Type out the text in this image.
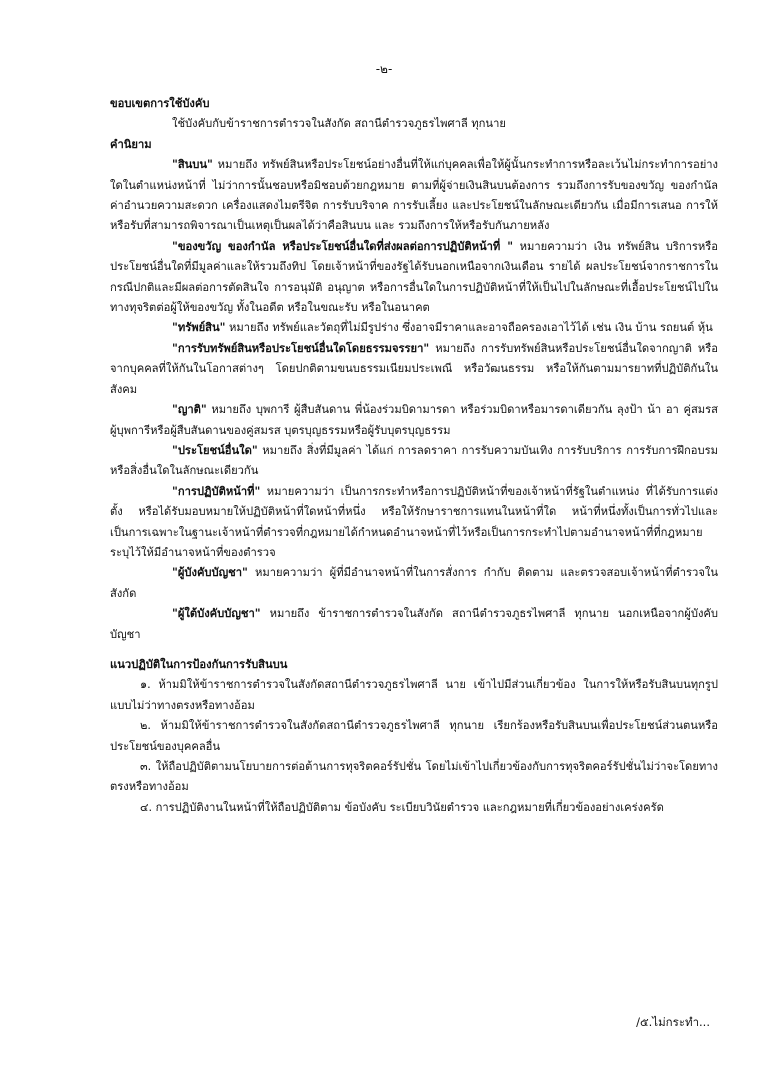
-๒-

ขอบเขตการใช้บังคับ

ใช้บังคับกับข้าราชการตำรวจในสังกัด สถานีตำรวจภูธรไพศาลี ทุกนาย

คำนิยาม

"สินบน" หมายถึง ทรัพย์สินหรือประโยชน์อย่างอื่นที่ให้แก่บุคคลเพื่อให้ผู้นั้นกระทำการหรือละเว้นไม่กระทำการอย่างใดในตำแหน่งหน้าที่ ไม่ว่าการนั้นชอบหรือมิชอบด้วยกฎหมาย ตามที่ผู้จ่ายเงินสินบนต้องการ รวมถึงการรับของขวัญ ของกำนัล ค่าอำนวยความสะดวก เครื่องแสดงไมตรีจิต การรับบริจาค การรับเลี้ยง และประโยชน์ในลักษณะเดียวกัน เมื่อมีการเสนอ การให้ หรือรับที่สามารถพิจารณาเป็นเหตุเป็นผลได้ว่าคือสินบน และ รวมถึงการให้หรือรับกันภายหลัง

"ของขวัญ ของกำนัล หรือประโยชน์อื่นใดที่ส่งผลต่อการปฏิบัติหน้าที่ " หมายความว่า เงิน ทรัพย์สิน บริการหรือประโยชน์อื่นใดที่มีมูลค่าและให้รวมถึงทิป โดยเจ้าหน้าที่ของรัฐได้รับนอกเหนือจากเงินเดือน รายได้ ผลประโยชน์จากราชการในกรณีปกติและมีผลต่อการตัดสินใจ การอนุมัติ อนุญาต หรือการอื่นใดในการปฏิบัติหน้าที่ให้เป็นไปในลักษณะที่เอื้อประโยชน์ไปในทางทุจริตต่อผู้ให้ของขวัญ ทั้งในอดีต หรือในขณะรับ หรือในอนาคต

"ทรัพย์สิน" หมายถึง ทรัพย์และวัตถุที่ไม่มีรูปร่าง ซึ่งอาจมีราคาและอาจถือครองเอาไว้ได้ เช่น เงิน บ้าน รถยนต์ หุ้น

"การรับทรัพย์สินหรือประโยชน์อื่นใดโดยธรรมจรรยา" หมายถึง การรับทรัพย์สินหรือประโยชน์อื่นใดจากญาติ หรือจากบุคคลที่ให้กันในโอกาสต่างๆ โดยปกติตามขนบธรรมเนียมประเพณี หรือวัฒนธรรม หรือให้กันตามมารยาทที่ปฏิบัติกันในสังคม

"ญาติ" หมายถึง บุพการี ผู้สืบสันดาน พี่น้องร่วมบิดามารดา หรือร่วมบิดาหรือมารดาเดียวกัน ลุงป้า น้า อา คู่สมรส ผู้บุพการีหรือผู้สืบสันดานของคู่สมรส บุตรบุญธรรมหรือผู้รับบุตรบุญธรรม

"ประโยชน์อื่นใด" หมายถึง สิ่งที่มีมูลค่า ได้แก่ การลดราคา การรับความบันเทิง การรับบริการ การรับการฝึกอบรม หรือสิ่งอื่นใดในลักษณะเดียวกัน

"การปฏิบัติหน้าที่" หมายความว่า เป็นการกระทำหรือการปฏิบัติหน้าที่ของเจ้าหน้าที่รัฐในตำแหน่ง ที่ได้รับการแต่งตั้ง หรือได้รับมอบหมายให้ปฏิบัติหน้าที่ใดหน้าที่หนึ่ง หรือให้รักษาราชการแทนในหน้าที่ใด หน้าที่หนึ่งทั้งเป็นการทั่วไปและเป็นการเฉพาะในฐานะเจ้าหน้าที่ตำรวจที่กฎหมายได้กำหนดอำนาจหน้าที่ไว้หรือเป็นการกระทำไปตามอำนาจหน้าที่ที่กฎหมายระบุไว้ให้มีอำนาจหน้าที่ของตำรวจ

"ผู้บังคับบัญชา" หมายความว่า ผู้ที่มีอำนาจหน้าที่ในการสั่งการ กำกับ ติดตาม และตรวจสอบเจ้าหน้าที่ตำรวจในสังกัด

"ผู้ใต้บังคับบัญชา" หมายถึง ข้าราชการตำรวจในสังกัด สถานีตำรวจภูธรไพศาลี ทุกนาย นอกเหนือจากผู้บังคับบัญชา

แนวปฏิบัติในการป้องกันการรับสินบน

๑. ห้ามมิให้ข้าราชการตำรวจในสังกัดสถานีตำรวจภูธรไพศาลี นาย เข้าไปมีส่วนเกี่ยวข้อง ในการให้หรือรับสินบนทุกรูปแบบไม่ว่าทางตรงหรือทางอ้อม

๒. ห้ามมิให้ข้าราชการตำรวจในสังกัดสถานีตำรวจภูธรไพศาลี ทุกนาย เรียกร้องหรือรับสินบนเพื่อประโยชน์ส่วนตนหรือประโยชน์ของบุคคลอื่น

๓. ให้ถือปฏิบัติตามนโยบายการต่อต้านการทุจริตคอร์รัปชั่น โดยไม่เข้าไปเกี่ยวข้องกับการทุจริตคอร์รัปชั่นไม่ว่าจะโดยทางตรงหรือทางอ้อม

๔. การปฏิบัติงานในหน้าที่ให้ถือปฏิบัติตาม ข้อบังคับ ระเบียบวินัยตำรวจ และกฎหมายที่เกี่ยวข้องอย่างเคร่งครัด

/๕.ไม่กระทำ...
